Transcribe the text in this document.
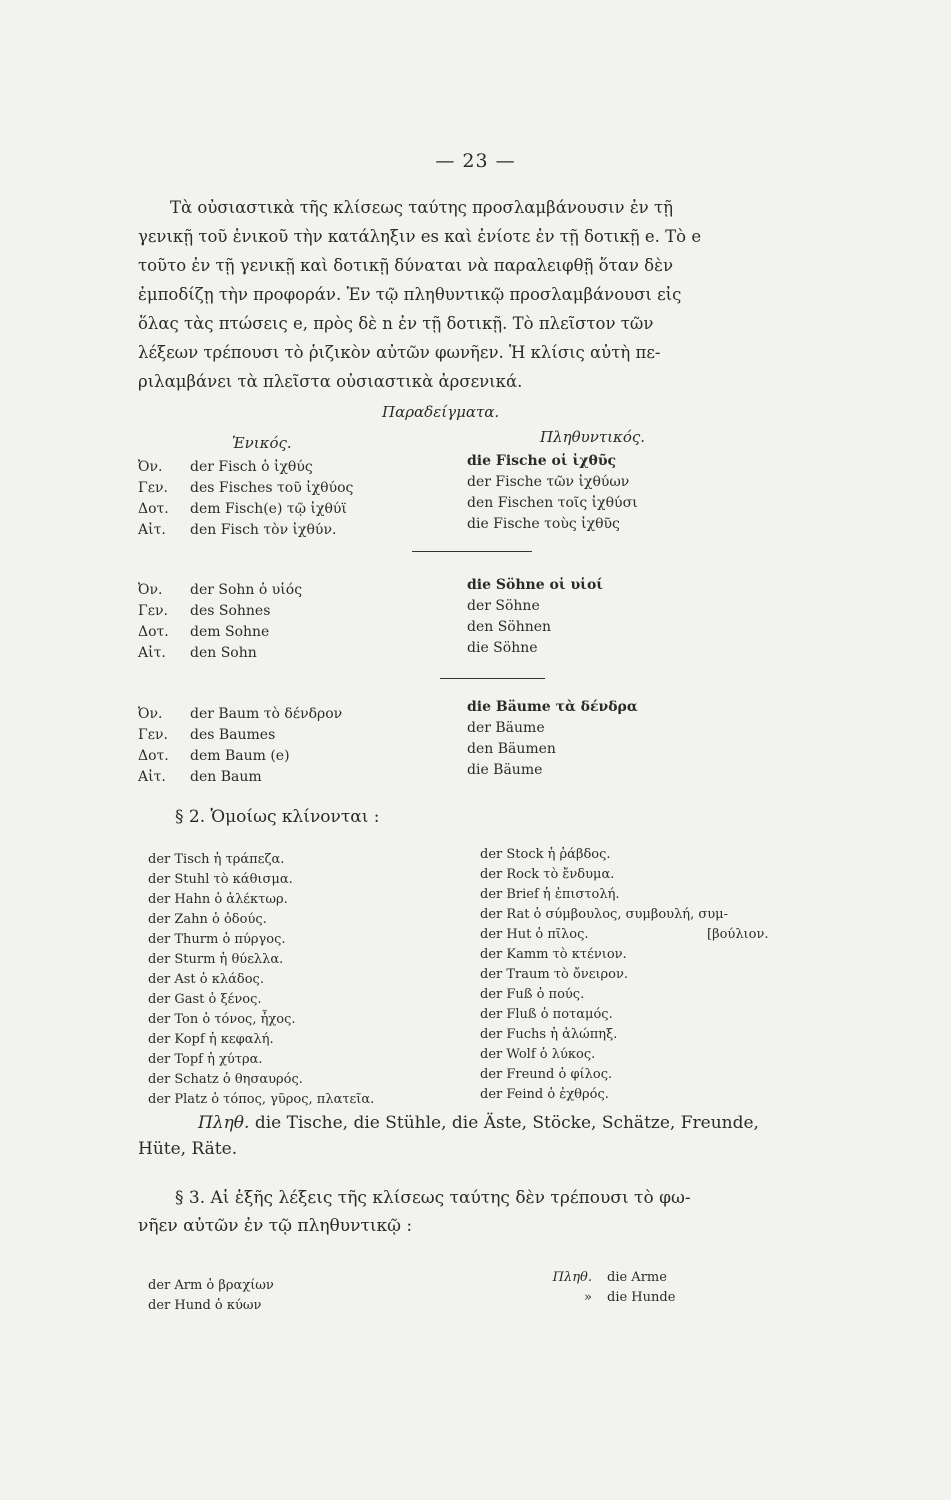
— 23 —
Τὰ οὐσιαστικὰ τῆς κλίσεως ταύτης προσλαμβάνουσιν ἐν τῇ
γενικῇ τοῦ ἑνικοῦ τὴν κατάληξιν es καὶ ἐνίοτε ἐν τῇ δοτικῇ e. Τὸ e
τοῦτο ἐν τῇ γενικῇ καὶ δοτικῇ δύναται νὰ παραλειφθῇ ὅταν δὲν
ἐμποδίζῃ τὴν προφοράν. Ἐν τῷ πληθυντικῷ προσλαμβάνουσι εἰς
ὅλας τὰς πτώσεις e, πρὸς δὲ n ἐν τῇ δοτικῇ. Τὸ πλεῖστον τῶν
λέξεων τρέπουσι τὸ ῥιζικὸν αὐτῶν φωνῆεν. Ἡ κλίσις αὐτὴ πε-
ριλαμβάνει τὰ πλεῖστα οὐσιαστικὰ ἀρσενικά.
Παραδείγματα.
Ἑνικός.	Πληθυντικός.
Ὀν. der Fisch ὁ ἰχθύς
Γεν. des Fisches τοῦ ἰχθύος
Δοτ. dem Fisch(e) τῷ ἰχθύϊ
Αἰτ. den Fisch τὸν ἰχθύν.
die Fische οἱ ἰχθῦς
der Fische τῶν ἰχθύων
den Fischen τοῖς ἰχθύσι
die Fische τοὺς ἰχθῦς
Ὀν. der Sohn ὁ υἱός
Γεν. des Sohnes
Δοτ. dem Sohne
Αἰτ. den Sohn
die Söhne οἱ υἱοί
der Söhne
den Söhnen
die Söhne
Ὀν. der Baum τὸ δένδρον
Γεν. des Baumes
Δοτ. dem Baum (e)
Αἰτ. den Baum
die Bäume τὰ δένδρα
der Bäume
den Bäumen
die Bäume
§ 2. Ὁμοίως κλίνονται :
der Tisch ἡ τράπεζα.
der Stuhl τὸ κάθισμα.
der Hahn ὁ ἀλέκτωρ.
der Zahn ὁ ὀδούς.
der Thurm ὁ πύργος.
der Sturm ἡ θύελλα.
der Ast ὁ κλάδος.
der Gast ὁ ξένος.
der Ton ὁ τόνος, ἦχος.
der Kopf ἡ κεφαλή.
der Topf ἡ χύτρα.
der Schatz ὁ θησαυρός.
der Platz ὁ τόπος, γῦρος, πλατεῖα.
der Stock ἡ ῥάβδος.
der Rock τὸ ἔνδυμα.
der Brief ἡ ἐπιστολή.
der Rat ὁ σύμβουλος, συμβουλή, συμ-
der Hut ὁ πῖλος.
der Kamm τὸ κτένιον.
der Traum τὸ ὄνειρον.
der Fuß ὁ πούς.
der Fluß ὁ ποταμός.
der Fuchs ἡ ἀλώπηξ.
der Wolf ὁ λύκος.
der Freund ὁ φίλος.
der Feind ὁ ἐχθρός.
[βούλιον.
Πληθ. die Tische, die Stühle, die Äste, Stöcke, Schätze, Freunde,
Hüte, Räte.
§ 3. Αἱ ἑξῆς λέξεις τῆς κλίσεως ταύτης δὲν τρέπουσι τὸ φω-
νῆεν αὐτῶν ἐν τῷ πληθυντικῷ :
der Arm ὁ βραχίων
der Hund ὁ κύων
Πληθ.
»
die Arme
die Hunde
